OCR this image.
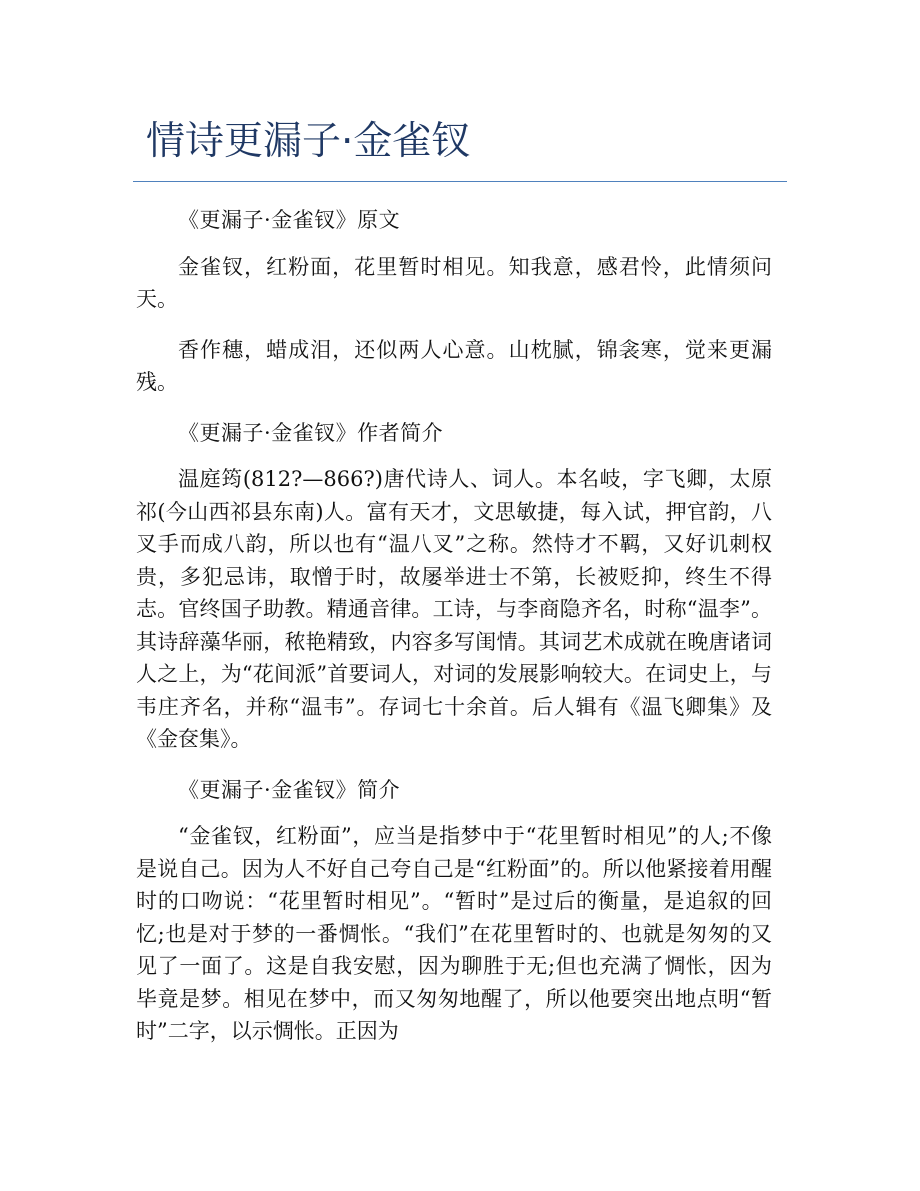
情诗更漏子·金雀钗

《更漏子·金雀钗》原文

金雀钗，红粉面，花里暂时相见。知我意，感君怜，此情须问天。

香作穗，蜡成泪，还似两人心意。山枕腻，锦衾寒，觉来更漏残。

《更漏子·金雀钗》作者简介

温庭筠(812?—866?)唐代诗人、词人。本名岐，字飞卿，太原祁(今山西祁县东南)人。富有天才，文思敏捷，每入试，押官韵，八叉手而成八韵，所以也有“温八叉”之称。然恃才不羁，又好讥刺权贵，多犯忌讳，取憎于时，故屡举进士不第，长被贬抑，终生不得志。官终国子助教。精通音律。工诗，与李商隐齐名，时称“温李”。其诗辞藻华丽，秾艳精致，内容多写闺情。其词艺术成就在晚唐诸词人之上，为“花间派”首要词人，对词的发展影响较大。在词史上，与韦庄齐名，并称“温韦”。存词七十余首。后人辑有《温飞卿集》及《金奁集》。

《更漏子·金雀钗》简介

“金雀钗，红粉面”，应当是指梦中于“花里暂时相见”的人;不像是说自己。因为人不好自己夸自己是“红粉面”的。所以他紧接着用醒时的口吻说：“花里暂时相见”。“暂时”是过后的衡量，是追叙的回忆;也是对于梦的一番惆怅。“我们”在花里暂时的、也就是匆匆的又见了一面了。这是自我安慰，因为聊胜于无;但也充满了惆怅，因为毕竟是梦。相见在梦中，而又匆匆地醒了，所以他要突出地点明“暂时”二字，以示惆怅。正因为
